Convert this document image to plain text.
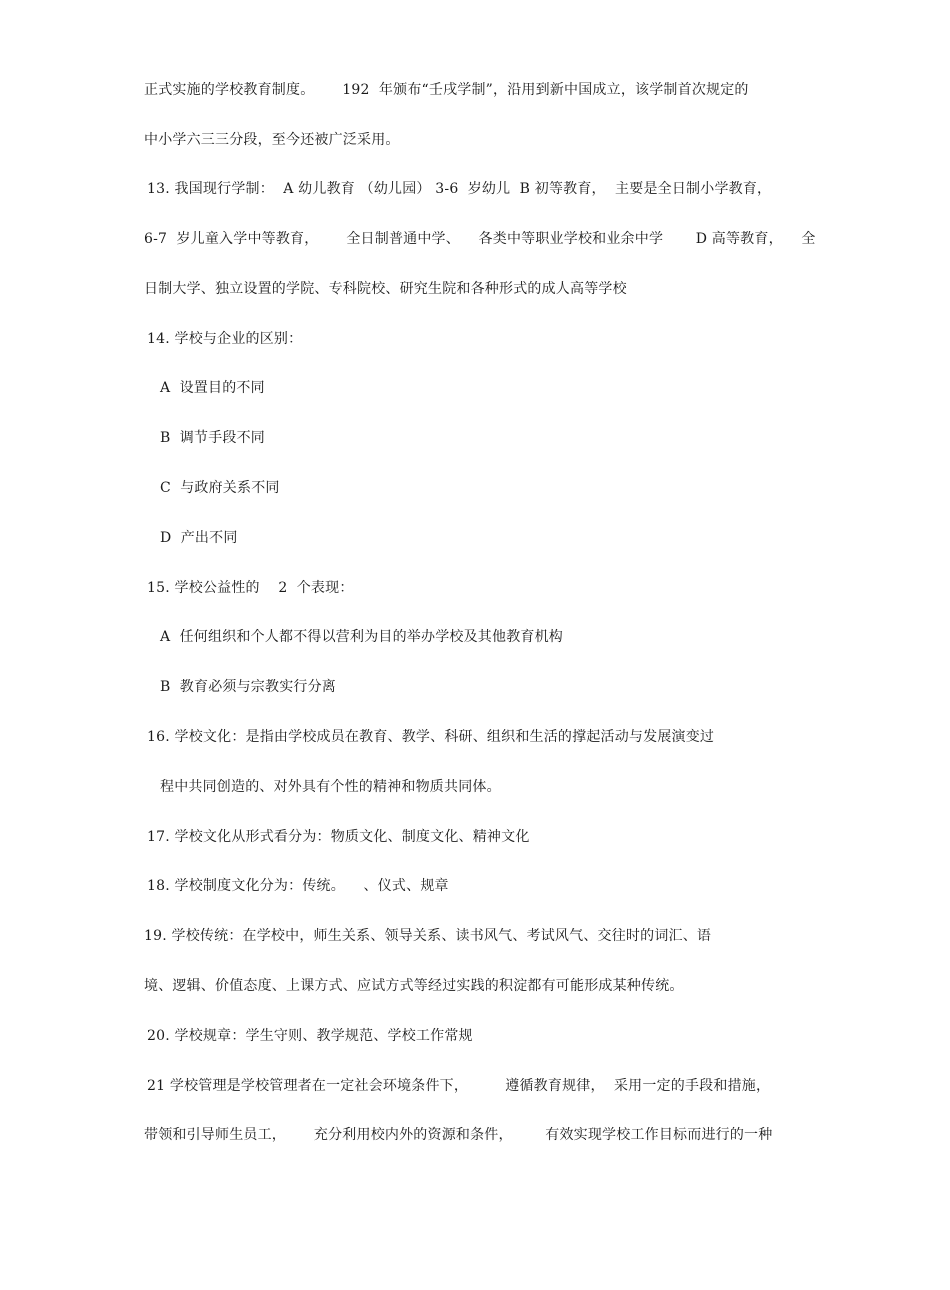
正式实施的学校教育制度。      192  年颁布“壬戌学制”，沿用到新中国成立，该学制首次规定的
中小学六三三分段，至今还被广泛采用。
13. 我国现行学制：  A 幼儿教育 （幼儿园） 3-6  岁幼儿  B 初等教育，  主要是全日制小学教育，
6-7  岁儿童入学中等教育，      全日制普通中学、    各类中等职业学校和业余中学       D 高等教育，    全
日制大学、独立设置的学院、专科院校、研究生院和各种形式的成人高等学校
14. 学校与企业的区别：
A  设置目的不同
B  调节手段不同
C  与政府关系不同
D  产出不同
15. 学校公益性的    2  个表现：
A  任何组织和个人都不得以营利为目的举办学校及其他教育机构
B  教育必须与宗教实行分离
16. 学校文化：是指由学校成员在教育、教学、科研、组织和生活的撑起活动与发展演变过
程中共同创造的、对外具有个性的精神和物质共同体。
17. 学校文化从形式看分为：物质文化、制度文化、精神文化
18. 学校制度文化分为：传统。    、仪式、规章
19. 学校传统：在学校中，师生关系、领导关系、读书风气、考试风气、交往时的词汇、语
境、逻辑、价值态度、上课方式、应试方式等经过实践的积淀都有可能形成某种传统。
20. 学校规章：学生守则、教学规范、学校工作常规
21 学校管理是学校管理者在一定社会环境条件下，        遵循教育规律，  采用一定的手段和措施，
带领和引导师生员工，      充分利用校内外的资源和条件，       有效实现学校工作目标而进行的一种
